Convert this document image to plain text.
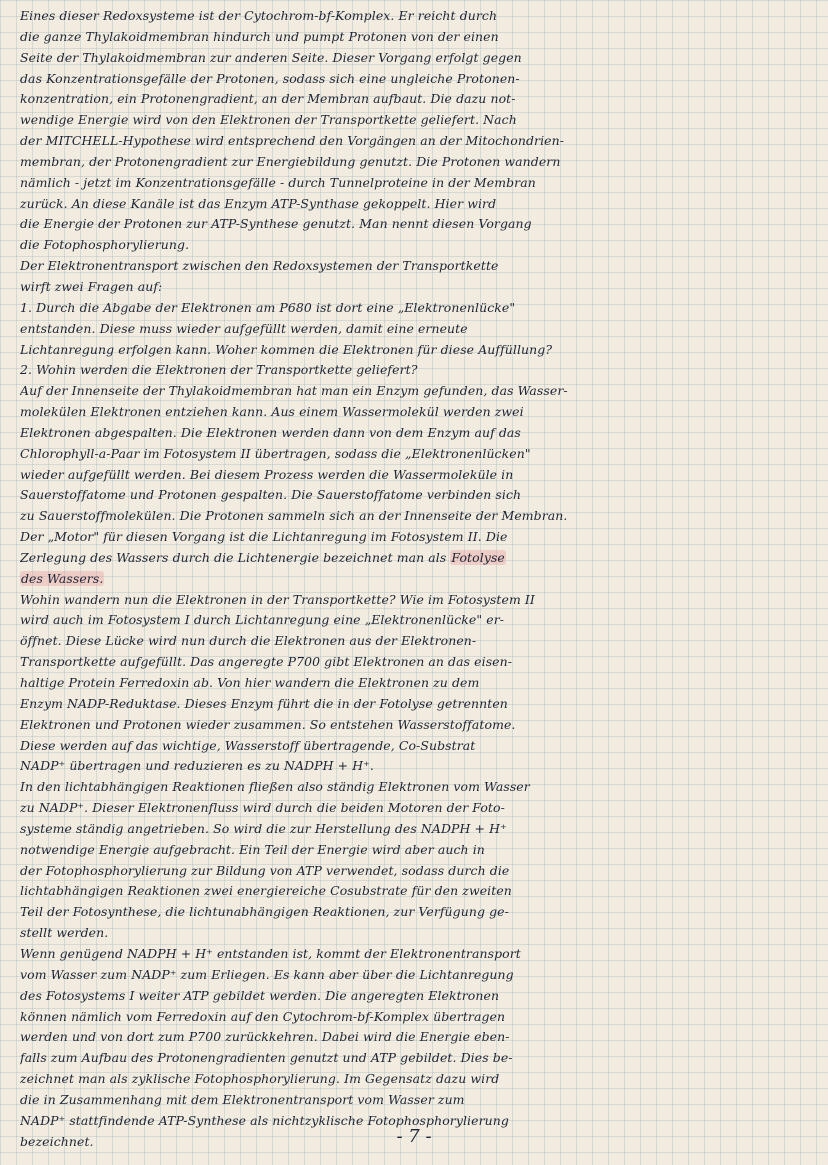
Eines dieser Redoxsysteme ist der Cytochrom-bf-Komplex. Er reicht durch
die ganze Thylakoidmembran hindurch und pumpt Protonen von der einen
Seite der Thylakoidmembran zur anderen Seite. Dieser Vorgang erfolgt gegen
das Konzentrationsgefälle der Protonen, sodass sich eine ungleiche Protonen-
konzentration, ein Protonengradient, an der Membran aufbaut. Die dazu not-
wendige Energie wird von den Elektronen der Transportkette geliefert. Nach
der MITCHELL-Hypothese wird entsprechend den Vorgängen an der Mitochondrien-
membran, der Protonengradient zur Energiebildung genutzt. Die Protonen wandern
nämlich - jetzt im Konzentrationsgefälle - durch Tunnelproteine in der Membran
zurück. An diese Kanäle ist das Enzym ATP-Synthase gekoppelt. Hier wird
die Energie der Protonen zur ATP-Synthese genutzt. Man nennt diesen Vorgang
die Fotophosphorylierung.
Der Elektronentransport zwischen den Redoxsystemen der Transportkette
wirft zwei Fragen auf:
1. Durch die Abgabe der Elektronen am P680 ist dort eine „Elektronenlücke"
entstanden. Diese muss wieder aufgefüllt werden, damit eine erneute
Lichtanregung erfolgen kann. Woher kommen die Elektronen für diese Auffüllung?
2. Wohin werden die Elektronen der Transportkette geliefert?
Auf der Innenseite der Thylakoidmembran hat man ein Enzym gefunden, das Wasser-
molekülen Elektronen entziehen kann. Aus einem Wassermolekül werden zwei
Elektronen abgespalten. Die Elektronen werden dann von dem Enzym auf das
Chlorophyll-a-Paar im Fotosystem II übertragen, sodass die „Elektronenlücken"
wieder aufgefüllt werden. Bei diesem Prozess werden die Wassermoleküle in
Sauerstoffatome und Protonen gespalten. Die Sauerstoffatome verbinden sich
zu Sauerstoffmolekülen. Die Protonen sammeln sich an der Innenseite der Membran.
Der „Motor" für diesen Vorgang ist die Lichtanregung im Fotosystem II. Die
Zerlegung des Wassers durch die Lichtenergie bezeichnet man als Fotolyse
des Wassers.
Wohin wandern nun die Elektronen in der Transportkette? Wie im Fotosystem II
wird auch im Fotosystem I durch Lichtanregung eine „Elektronenlücke" er-
öffnet. Diese Lücke wird nun durch die Elektronen aus der Elektronen-
Transportkette aufgefüllt. Das angeregte P700 gibt Elektronen an das eisen-
haltige Protein Ferredoxin ab. Von hier wandern die Elektronen zu dem
Enzym NADP-Reduktase. Dieses Enzym führt die in der Fotolyse getrennten
Elektronen und Protonen wieder zusammen. So entstehen Wasserstoffatome.
Diese werden auf das wichtige, Wasserstoff übertragende, Co-Substrat
NADP⁺ übertragen und reduzieren es zu NADPH + H⁺.
In den lichtabhängigen Reaktionen fließen also ständig Elektronen vom Wasser
zu NADP⁺. Dieser Elektronenfluss wird durch die beiden Motoren der Foto-
systeme ständig angetrieben. So wird die zur Herstellung des NADPH + H⁺
notwendige Energie aufgebracht. Ein Teil der Energie wird aber auch in
der Fotophosphorylierung zur Bildung von ATP verwendet, sodass durch die
lichtabhängigen Reaktionen zwei energiereiche Cosubstrate für den zweiten
Teil der Fotosynthese, die lichtunabhängigen Reaktionen, zur Verfügung ge-
stellt werden.
Wenn genügend NADPH + H⁺ entstanden ist, kommt der Elektronentransport
vom Wasser zum NADP⁺ zum Erliegen. Es kann aber über die Lichtanregung
des Fotosystems I weiter ATP gebildet werden. Die angeregten Elektronen
können nämlich vom Ferredoxin auf den Cytochrom-bf-Komplex übertragen
werden und von dort zum P700 zurückkehren. Dabei wird die Energie eben-
falls zum Aufbau des Protonengradienten genutzt und ATP gebildet. Dies be-
zeichnet man als zyklische Fotophosphorylierung. Im Gegensatz dazu wird
die in Zusammenhang mit dem Elektronentransport vom Wasser zum
NADP⁺ stattfindende ATP-Synthese als nichtzyklische Fotophosphorylierung
bezeichnet.	- 7 -
